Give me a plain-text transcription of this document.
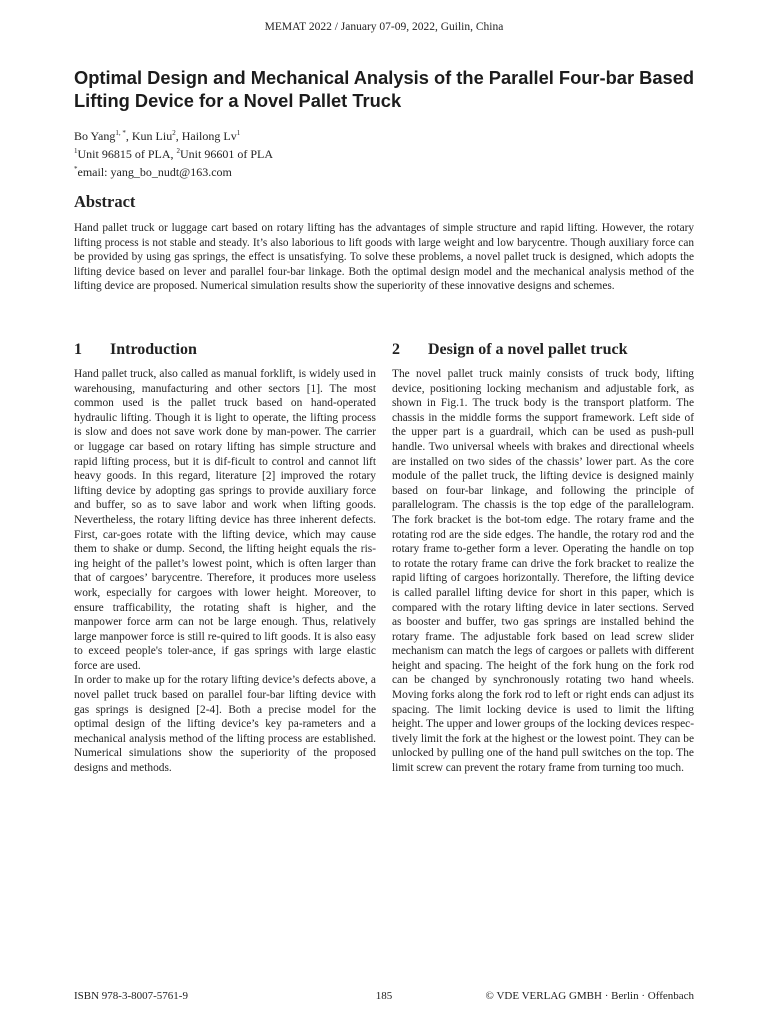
MEMAT 2022 / January 07-09, 2022, Guilin, China
Optimal Design and Mechanical Analysis of the Parallel Four-bar Based Lifting Device for a Novel Pallet Truck
Bo Yang$^{1, *}$, Kun Liu$^2$, Hailong Lv$^1$
$^1$Unit 96815 of PLA, $^2$Unit 96601 of PLA
*email: yang_bo_nudt@163.com
Abstract

Hand pallet truck or luggage cart based on rotary lifting has the advantages of simple structure and rapid lifting. However, the rotary lifting process is not stable and steady. It’s also laborious to lift goods with large weight and low barycentre. Though auxiliary force can be provided by using gas springs, the effect is unsatisfying. To solve these problems, a novel pallet truck is designed, which adopts the lifting device based on lever and parallel four-bar linkage. Both the optimal design model and the mechanical analysis method of the lifting device are proposed. Numerical simulation results show the superiority of these innovative designs and schemes.

1 Introduction

Hand pallet truck, also called as manual forklift, is widely used in warehousing, manufacturing and other sectors [1]. The most common used is the pallet truck based on hand-operated hydraulic lifting. Though it is light to operate, the lifting process is slow and does not save work done by man-power. The carrier or luggage car based on rotary lifting has simple structure and rapid lifting process, but it is dif-ficult to control and cannot lift heavy goods. In this regard, literature [2] improved the rotary lifting device by adopting gas springs to provide auxiliary force and buffer, so as to save labor and work when lifting goods. Nevertheless, the rotary lifting device has three inherent defects. First, car-goes rotate with the lifting device, which may cause them to shake or dump. Second, the lifting height equals the ris-ing height of the pallet’s lowest point, which is often larger than that of cargoes’ barycentre. Therefore, it produces more useless work, especially for cargoes with lower height. Moreover, to ensure trafficability, the rotating shaft is higher, and the manpower force arm can not be large enough. Thus, relatively large manpower force is still re-quired to lift goods. It is also easy to exceed people's toler-ance, if gas springs with large elastic force are used.

In order to make up for the rotary lifting device’s defects above, a novel pallet truck based on parallel four-bar lifting device with gas springs is designed [2-4]. Both a precise model for the optimal design of the lifting device’s key pa-rameters and a mechanical analysis method of the lifting process are established. Numerical simulations show the superiority of the proposed designs and methods.

2 Design of a novel pallet truck

The novel pallet truck mainly consists of truck body, lifting device, positioning locking mechanism and adjustable fork, as shown in Fig.1. The truck body is the transport platform. The chassis in the middle forms the support framework. Left side of the upper part is a guardrail, which can be used as push-pull handle. Two universal wheels with brakes and directional wheels are installed on two sides of the chassis’ lower part. As the core module of the pallet truck, the lifting device is designed mainly based on four-bar linkage, and following the principle of parallelogram. The chassis is the top edge of the parallelogram. The fork bracket is the bot-tom edge. The rotary frame and the rotating rod are the side edges. The handle, the rotary rod and the rotary frame to-gether form a lever. Operating the handle on top to rotate the rotary frame can drive the fork bracket to realize the rapid lifting of cargoes horizontally. Therefore, the lifting device is called parallel lifting device for short in this paper, which is compared with the rotary lifting device in later sections. Served as booster and buffer, two gas springs are installed behind the rotary frame. The adjustable fork based on lead screw slider mechanism can match the legs of cargoes or pallets with different height and spacing. The height of the fork hung on the fork rod can be changed by synchronously rotating two hand wheels. Moving forks along the fork rod to left or right ends can adjust its spacing. The limit locking device is used to limit the lifting height. The upper and lower groups of the locking devices respec-tively limit the fork at the highest or the lowest point. They can be unlocked by pulling one of the hand pull switches on the top. The limit screw can prevent the rotary frame from turning too much.

ISBN 978-3-8007-5761-9	185	© VDE VERLAG GMBH · Berlin · Offenbach
